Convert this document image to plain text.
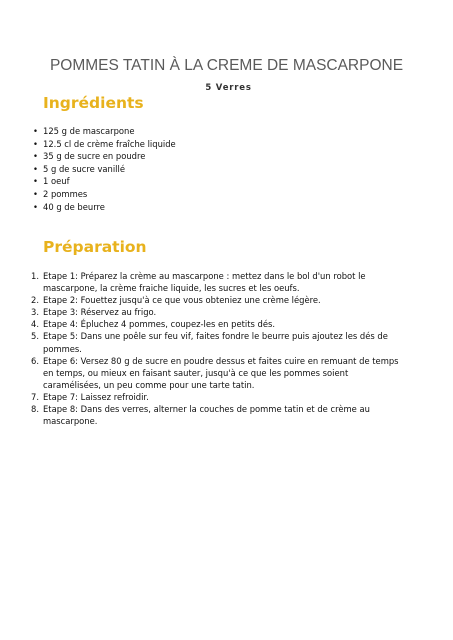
POMMES TATIN À LA CREME DE MASCARPONE
5 Verres
Ingrédients
• 125 g de mascarpone
• 12.5 cl de crème fraîche liquide
• 35 g de sucre en poudre
• 5 g de sucre vanillé
• 1 oeuf
• 2 pommes
• 40 g de beurre
Préparation
1. Etape 1: Préparez la crème au mascarpone : mettez dans le bol d'un robot le mascarpone, la crème fraiche liquide, les sucres et les oeufs.
2. Etape 2: Fouettez jusqu'à ce que vous obteniez une crème légère.
3. Etape 3: Réservez au frigo.
4. Etape 4: Épluchez 4 pommes, coupez-les en petits dés.
5. Etape 5: Dans une poêle sur feu vif, faites fondre le beurre puis ajoutez les dés de pommes.
6. Etape 6: Versez 80 g de sucre en poudre dessus et faites cuire en remuant de temps en temps, ou mieux en faisant sauter, jusqu'à ce que les pommes soient caramélisées, un peu comme pour une tarte tatin.
7. Etape 7: Laissez refroidir.
8. Etape 8: Dans des verres, alterner la couches de pomme tatin et de crème au mascarpone.
